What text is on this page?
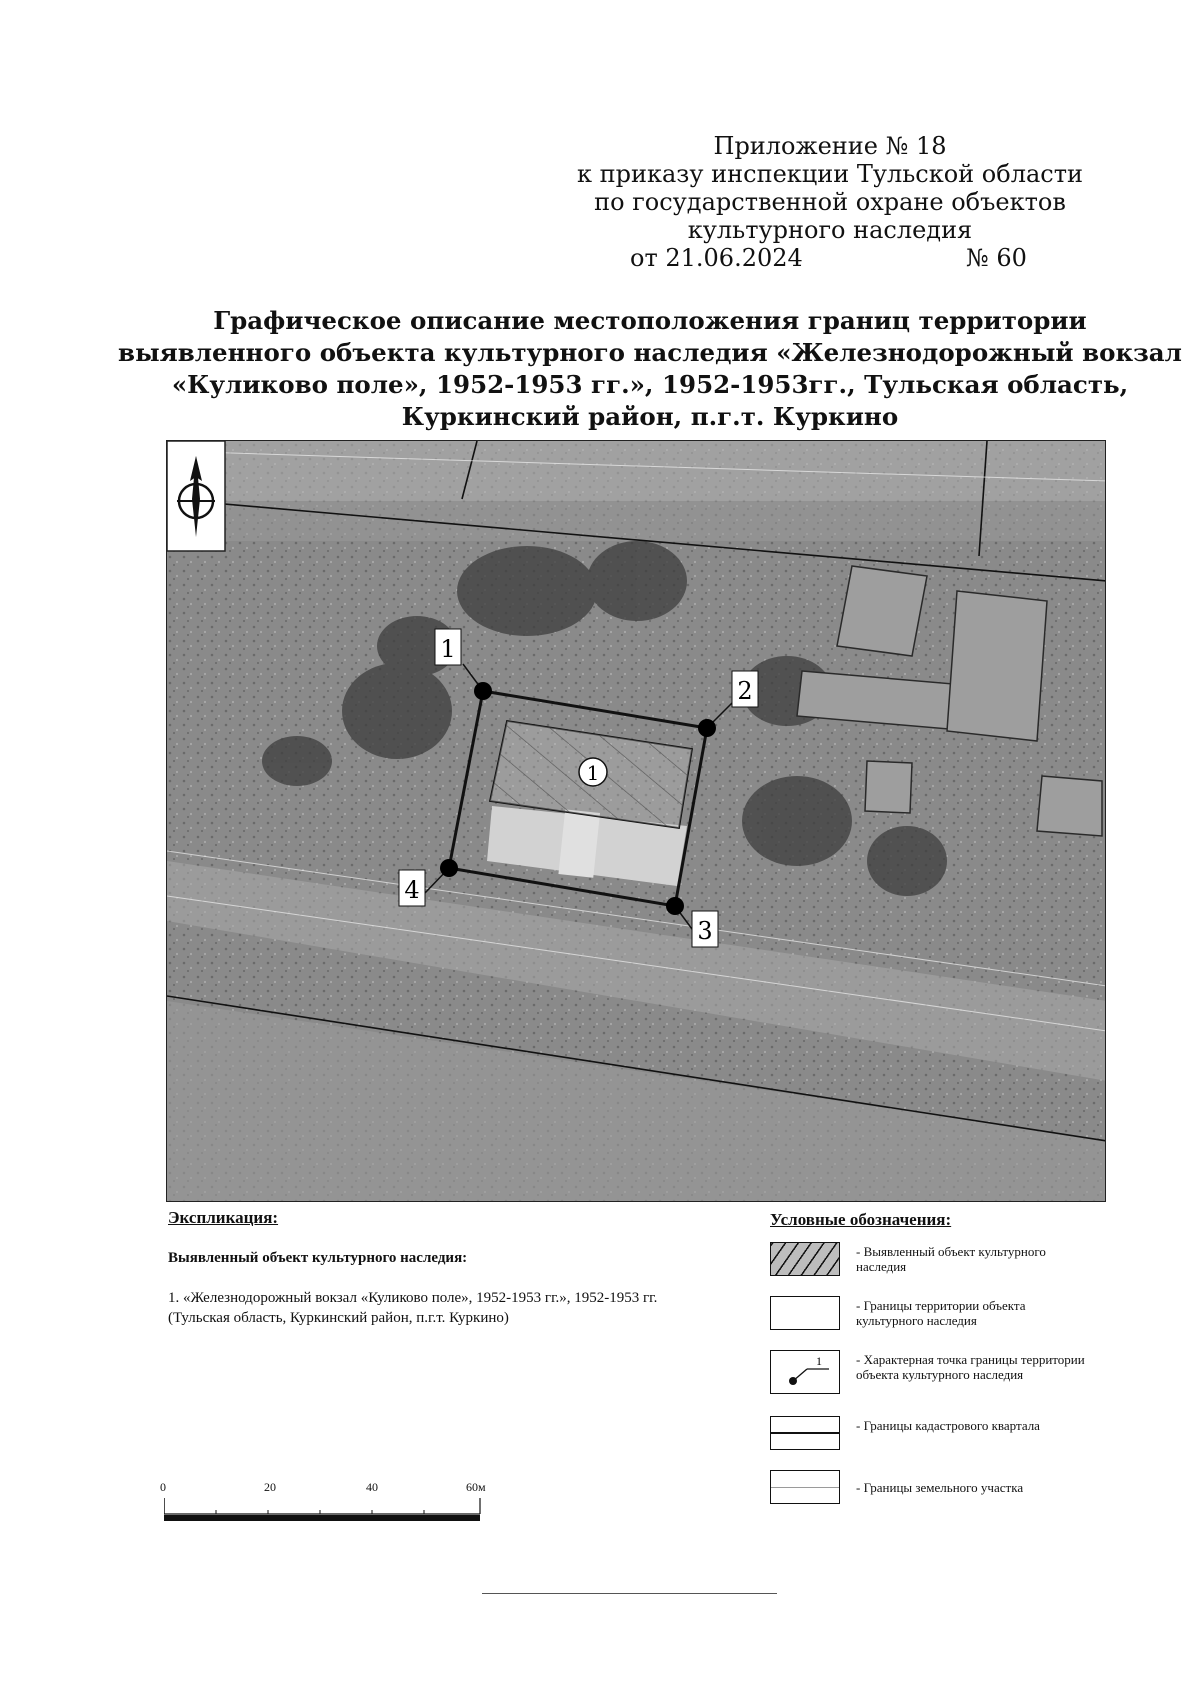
Приложение № 18
к приказу инспекции Тульской области
по государственной охране объектов
культурного наследия
от 21.06.2024	№ 60
Графическое описание местоположения границ территории
выявленного объекта культурного наследия «Железнодорожный вокзал
«Куликово поле», 1952-1953 гг.», 1952-1953гг., Тульская область,
Куркинский район, п.г.т. Куркино
1
2
3
4
1
Экспликация:
Выявленный объект культурного наследия:
1. «Железнодорожный вокзал «Куликово поле», 1952-1953 гг.», 1952-1953 гг. (Тульская область, Куркинский район, п.г.т. Куркино)
Условные обозначения:
- Выявленный объект культурного наследия
- Границы территории объекта культурного наследия
1	- Характерная точка границы территории объекта культурного наследия
- Границы кадастрового квартала
- Границы земельного участка
0	20	40	60м
